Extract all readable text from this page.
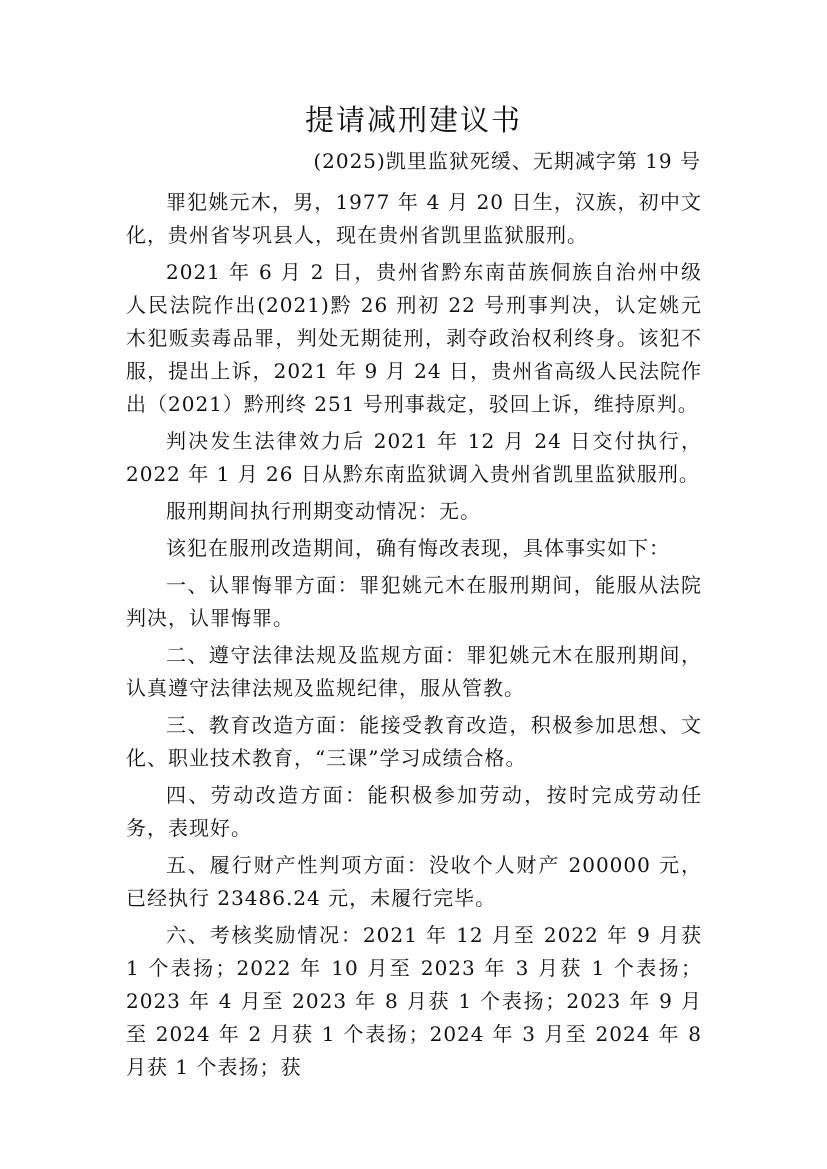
提请减刑建议书
(2025)凯里监狱死缓、无期减字第 19 号

罪犯姚元木，男，1977 年 4 月 20 日生，汉族，初中文化，贵州省岑巩县人，现在贵州省凯里监狱服刑。

2021 年 6 月 2 日，贵州省黔东南苗族侗族自治州中级人民法院作出(2021)黔 26 刑初 22 号刑事判决，认定姚元木犯贩卖毒品罪，判处无期徒刑，剥夺政治权利终身。该犯不服，提出上诉，2021 年 9 月 24 日，贵州省高级人民法院作出（2021）黔刑终 251 号刑事裁定，驳回上诉，维持原判。

判决发生法律效力后 2021 年 12 月 24 日交付执行，2022 年 1 月 26 日从黔东南监狱调入贵州省凯里监狱服刑。

服刑期间执行刑期变动情况：无。

该犯在服刑改造期间，确有悔改表现，具体事实如下：

一、认罪悔罪方面：罪犯姚元木在服刑期间，能服从法院判决，认罪悔罪。

二、遵守法律法规及监规方面：罪犯姚元木在服刑期间，认真遵守法律法规及监规纪律，服从管教。

三、教育改造方面：能接受教育改造，积极参加思想、文化、职业技术教育，“三课”学习成绩合格。

四、劳动改造方面：能积极参加劳动，按时完成劳动任务，表现好。

五、履行财产性判项方面：没收个人财产 200000 元，已经执行 23486.24 元，未履行完毕。

六、考核奖励情况：2021 年 12 月至 2022 年 9 月获 1 个表扬；2022 年 10 月至 2023 年 3 月获 1 个表扬；2023 年 4 月至 2023 年 8 月获 1 个表扬；2023 年 9 月至 2024 年 2 月获 1 个表扬；2024 年 3 月至 2024 年 8 月获 1 个表扬；获
